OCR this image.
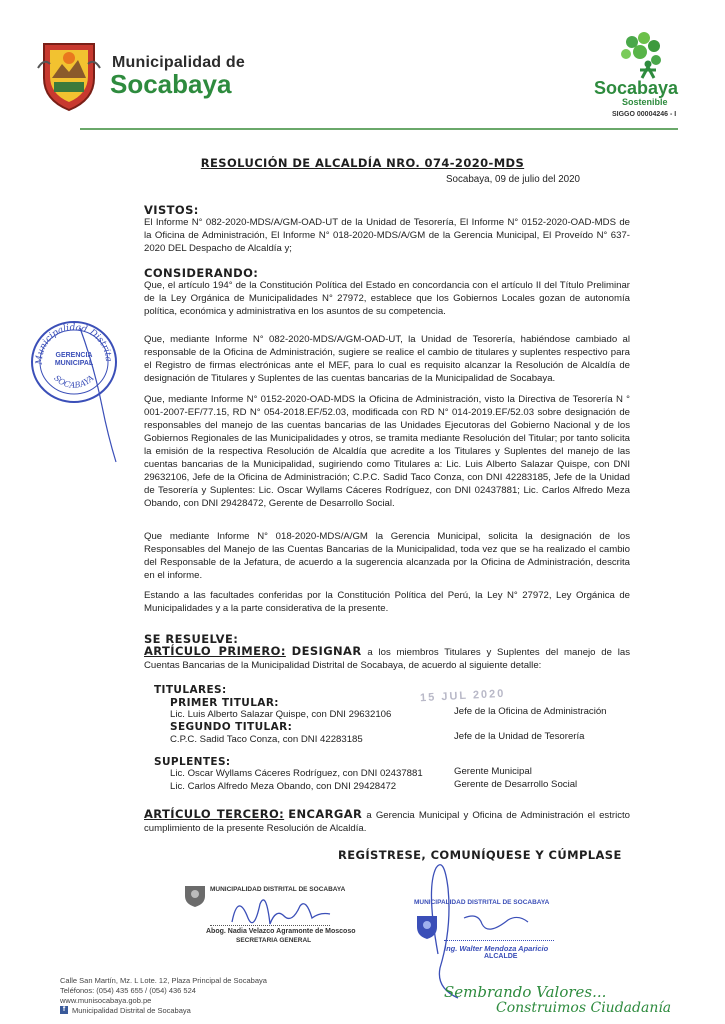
Municipalidad de
Socabaya	Socabaya
Sostenible
SIGGO 00004246 - I
RESOLUCIÓN DE ALCALDÍA NRO. 074-2020-MDS
Socabaya, 09 de julio del 2020
VISTOS:

El Informe N° 082-2020-MDS/A/GM-OAD-UT de la Unidad de Tesorería, El Informe N° 0152-2020-OAD-MDS de la Oficina de Administración, El Informe N° 018-2020-MDS/A/GM de la Gerencia Municipal, El Proveído N° 637-2020 DEL Despacho de Alcaldía y;

CONSIDERANDO:

Que, el artículo 194° de la Constitución Política del Estado en concordancia con el artículo II del Título Preliminar de la Ley Orgánica de Municipalidades N° 27972, establece que los Gobiernos Locales gozan de autonomía política, económica y administrativa en los asuntos de su competencia.

Que, mediante Informe N° 082-2020-MDS/A/GM-OAD-UT, la Unidad de Tesorería, habiéndose cambiado al responsable de la Oficina de Administración, sugiere se realice el cambio de titulares y suplentes respectivo para el Registro de firmas electrónicas ante el MEF, para lo cual es requisito alcanzar la Resolución de Alcaldía de designación de Titulares y Suplentes de las cuentas bancarias de la Municipalidad de Socabaya.

Que, mediante Informe N° 0152-2020-OAD-MDS la Oficina de Administración, visto la Directiva de Tesorería N ° 001-2007-EF/77.15, RD N° 054-2018.EF/52.03, modificada con RD N° 014-2019.EF/52.03 sobre designación de responsables del manejo de las cuentas bancarias de las Unidades Ejecutoras del Gobierno Nacional y de los Gobiernos Regionales de las Municipalidades y otros, se tramita mediante Resolución del Titular; por tanto solicita la emisión de la respectiva Resolución de Alcaldía que acredite a los Titulares y Suplentes del manejo de las cuentas bancarias de la Municipalidad, sugiriendo como Titulares a: Lic. Luis Alberto Salazar Quispe, con DNI 29632106, Jefe de la Oficina de Administración; C.P.C. Sadid Taco Conza, con DNI 42283185, Jefe de la Unidad de Tesorería y Suplentes: Lic. Oscar Wyllams Cáceres Rodríguez, con DNI 02437881; Lic. Carlos Alfredo Meza Obando, con DNI 29428472, Gerente de Desarrollo Social.

Que mediante Informe N° 018-2020-MDS/A/GM la Gerencia Municipal, solicita la designación de los Responsables del Manejo de las Cuentas Bancarias de la Municipalidad, toda vez que se ha realizado el cambio del Responsable de la Jefatura, de acuerdo a la sugerencia alcanzada por la Oficina de Administración, descrita en el informe.

Estando a las facultades conferidas por la Constitución Política del Perú, la Ley N° 27972, Ley Orgánica de Municipalidades y a la parte considerativa de la presente.

SE RESUELVE:

ARTÍCULO PRIMERO: DESIGNAR a los miembros Titulares y Suplentes del manejo de las Cuentas Bancarias de la Municipalidad Distrital de Socabaya, de acuerdo al siguiente detalle:

TITULARES:
PRIMER TITULAR:
Lic. Luis Alberto Salazar Quispe, con DNI 29632106	Jefe de la Oficina de Administración
SEGUNDO TITULAR:
C.P.C. Sadid Taco Conza, con DNI 42283185	Jefe de la Unidad de Tesorería
SUPLENTES:
Lic. Oscar Wyllams Cáceres Rodríguez, con DNI 02437881	Gerente Municipal
Lic. Carlos Alfredo Meza Obando, con DNI 29428472	Gerente de Desarrollo Social

ARTÍCULO TERCERO: ENCARGAR a Gerencia Municipal y Oficina de Administración el estricto cumplimiento de la presente Resolución de Alcaldía.

REGÍSTRESE, COMUNÍQUESE Y CÚMPLASE
Municipalidad Distrita
SOCABAYA
GERENCIA MUNICIPAL
15 JUL 2020
MUNICIPALIDAD DISTRITAL DE SOCABAYA
Abog. Nadia Velazco Agramonte de Moscoso
SECRETARIA GENERAL
MUNICIPALIDAD DISTRITAL DE SOCABAYA
Ing. Walter Mendoza Aparicio
ALCALDE
Calle San Martín, Mz. L Lote. 12, Plaza Principal de Socabaya
Teléfonos: (054) 435 655 / (054) 436 524
www.munisocabaya.gob.pe
f Municipalidad Distrital de Socabaya
Sembrando Valores...
Construimos Ciudadanía
